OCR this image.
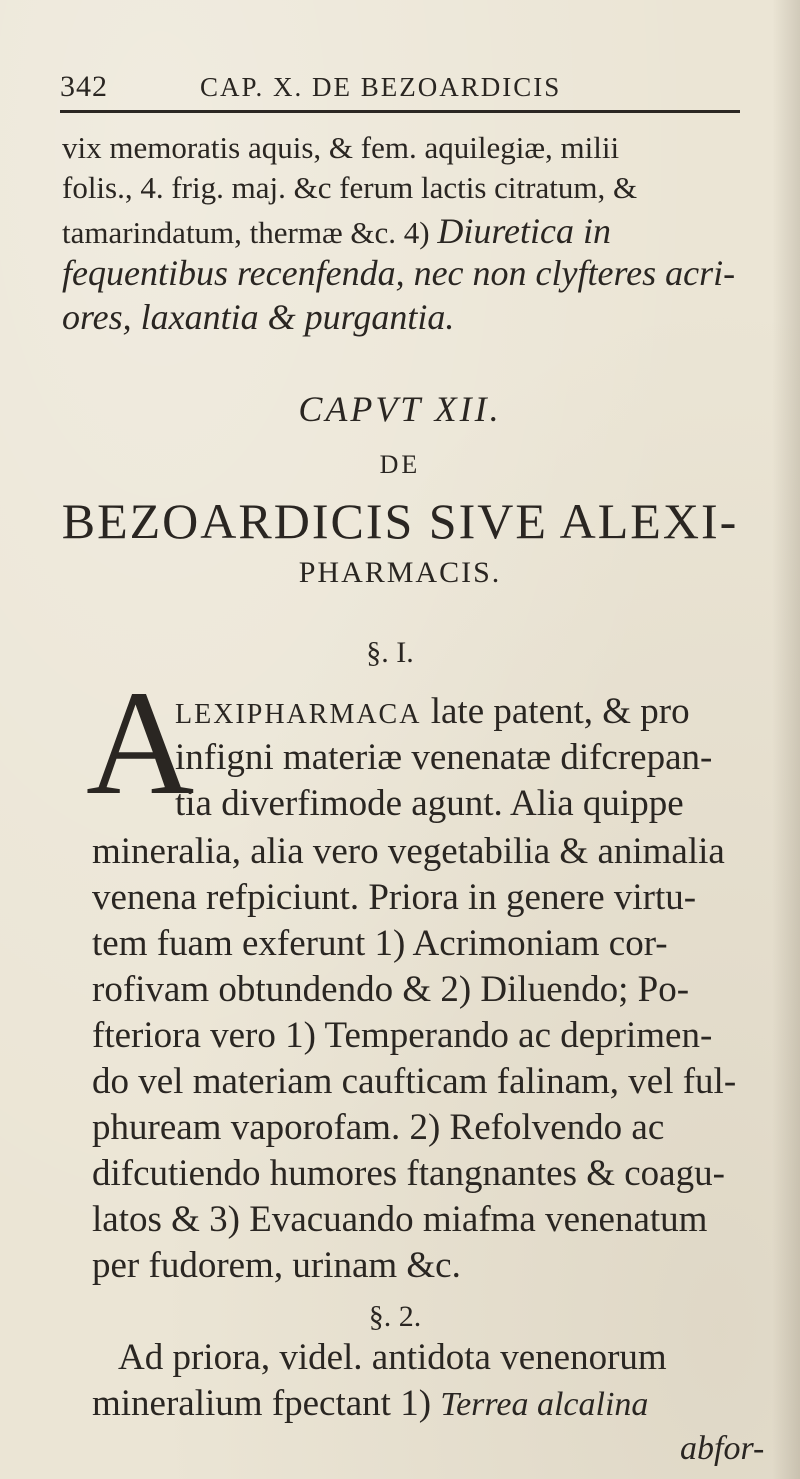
342	CAP. X. DE BEZOARDICIS
vix memoratis aquis, & fem. aquilegiæ, milii
folis., 4. frig. maj. &c ferum lactis citratum, &
tamarindatum, thermæ &c. 4) Diuretica in
fequentibus recenfenda, nec non clyfteres acri-
ores, laxantia & purgantia.
CAPVT XII.
DE
BEZOARDICIS SIVE ALEXI-
PHARMACIS.
§. I.
A
LEXIPHARMACA late patent, & pro
infigni materiæ venenatæ difcrepan-
tia diverfimode agunt. Alia quippe
mineralia, alia vero vegetabilia & animalia
venena refpiciunt. Priora in genere virtu-
tem fuam exferunt 1) Acrimoniam cor-
rofivam obtundendo & 2) Diluendo; Po-
fteriora vero 1) Temperando ac deprimen-
do vel materiam caufticam falinam, vel ful-
phuream vaporofam. 2) Refolvendo ac
difcutiendo humores ftangnantes & coagu-
latos & 3) Evacuando miafma venenatum
per fudorem, urinam &c.
§. 2.
Ad priora, videl. antidota venenorum
mineralium fpectant 1) Terrea alcalina
abfor-
